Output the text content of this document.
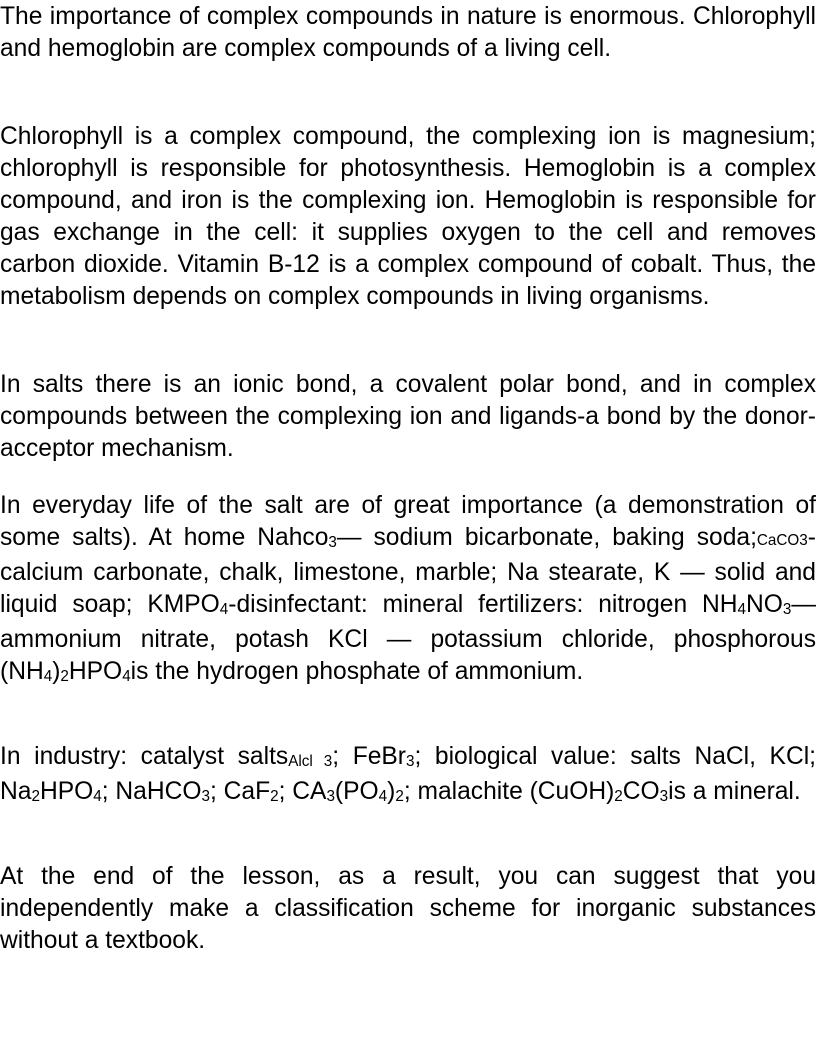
The importance of complex compounds in nature is enormous. Chlorophyll and hemoglobin are complex compounds of a living cell.

Chlorophyll is a complex compound, the complexing ion is magnesium; chlorophyll is responsible for photosynthesis. Hemoglobin is a complex compound, and iron is the complexing ion. Hemoglobin is responsible for gas exchange in the cell: it supplies oxygen to the cell and removes carbon dioxide. Vitamin B-12 is a complex compound of cobalt. Thus, the metabolism depends on complex compounds in living organisms.

In salts there is an ionic bond, a covalent polar bond, and in complex compounds between the complexing ion and ligands-a bond by the donor-acceptor mechanism.

In everyday life of the salt are of great importance (a demonstration of some salts). At home Nahco3— sodium bicarbonate, baking soda;CaCO3- calcium carbonate, chalk, limestone, marble; Na stearate, K — solid and liquid soap; KMPO4-disinfectant: mineral fertilizers: nitrogen NH4NO3— ammonium nitrate, potash KCl — potassium chloride, phosphorous (NH4)2HPO4is the hydrogen phosphate of ammonium.

In industry: catalyst saltsAlcl 3; FeBr3; biological value: salts NaCl, KCl; Na2HPO4; NaHCO3; CaF2; CA3(PO4)2; malachite (CuOH)2CO3is a mineral.

At the end of the lesson, as a result, you can suggest that you independently make a classification scheme for inorganic substances without a textbook.
